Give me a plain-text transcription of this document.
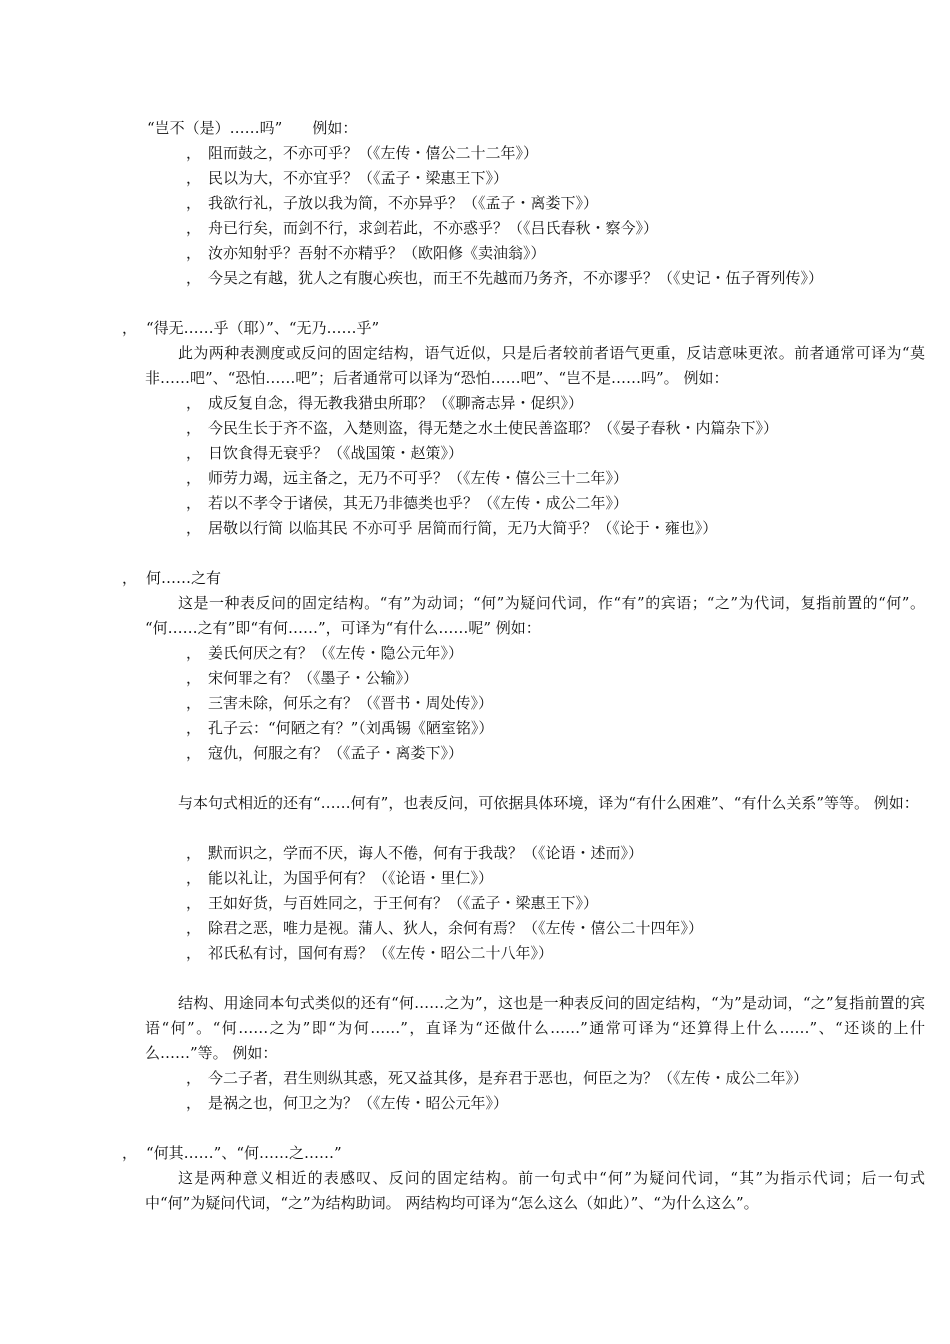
“岂不（是）……吗”　　例如：
， 阻而鼓之，不亦可乎？（《左传・僖公二十二年》）
， 民以为大，不亦宜乎？（《孟子・梁惠王下》）
， 我欲行礼，子放以我为简，不亦异乎？（《孟子・离娄下》）
， 舟已行矣，而剑不行，求剑若此，不亦惑乎？（《吕氏春秋・察今》）
， 汝亦知射乎？吾射不亦精乎？（欧阳修《卖油翁》）
， 今吴之有越，犹人之有腹心疾也，而王不先越而乃务齐，不亦谬乎？（《史记・伍子胥列传》）
， “得无……乎（耶）”、“无乃……乎”
此为两种表测度或反问的固定结构，语气近似，只是后者较前者语气更重，反诘意味更浓。前者通常可译为“莫非……吧”、“恐怕……吧”；后者通常可以译为“恐怕……吧”、“岂不是……吗”。 例如：
， 成反复自念，得无教我猎虫所耶？（《聊斋志异・促织》）
， 今民生长于齐不盗，入楚则盗，得无楚之水土使民善盗耶？（《晏子春秋・内篇杂下》）
， 日饮食得无衰乎？（《战国策・赵策》）
， 师劳力竭，远主备之，无乃不可乎？（《左传・僖公三十二年》）
， 若以不孝令于诸侯，其无乃非德类也乎？（《左传・成公二年》）
， 居敬以行简 以临其民 不亦可乎 居简而行简，无乃大简乎？（《论于・雍也》）
， 何……之有
这是一种表反问的固定结构。“有”为动词；“何”为疑问代词，作“有”的宾语；“之”为代词，复指前置的“何”。 “何……之有”即“有何……”，可译为“有什么……呢” 例如：
， 姜氏何厌之有？（《左传・隐公元年》）
， 宋何罪之有？（《墨子・公输》）
， 三害未除，何乐之有？（《晋书・周处传》）
， 孔子云：“何陋之有？”（刘禹锡《陋室铭》）
， 寇仇，何服之有？（《孟子・离娄下》）
与本句式相近的还有“……何有”，也表反问，可依据具体环境，译为“有什么困难”、“有什么关系”等等。 例如：
， 默而识之，学而不厌，诲人不倦，何有于我哉？（《论语・述而》）
， 能以礼让，为国乎何有？（《论语・里仁》）
， 王如好货，与百姓同之，于王何有？（《孟子・梁惠王下》）
， 除君之恶，唯力是视。蒲人、狄人，余何有焉？（《左传・僖公二十四年》）
， 祁氏私有讨，国何有焉？（《左传・昭公二十八年》）
结构、用途同本句式类似的还有“何……之为”，这也是一种表反问的固定结构，“为”是动词，“之”复指前置的宾语“何”。“何……之为”即“为何……”，直译为“还做什么……”通常可译为“还算得上什么……”、“还谈的上什么……”等。 例如：
， 今二子者，君生则纵其惑，死又益其侈，是弃君于恶也，何臣之为？（《左传・成公二年》）
， 是祸之也，何卫之为？（《左传・昭公元年》）
， “何其……”、“何……之……”
这是两种意义相近的表感叹、反问的固定结构。前一句式中“何”为疑问代词，“其”为指示代词；后一句式中“何”为疑问代词，“之”为结构助词。 两结构均可译为“怎么这么（如此）”、“为什么这么”。
